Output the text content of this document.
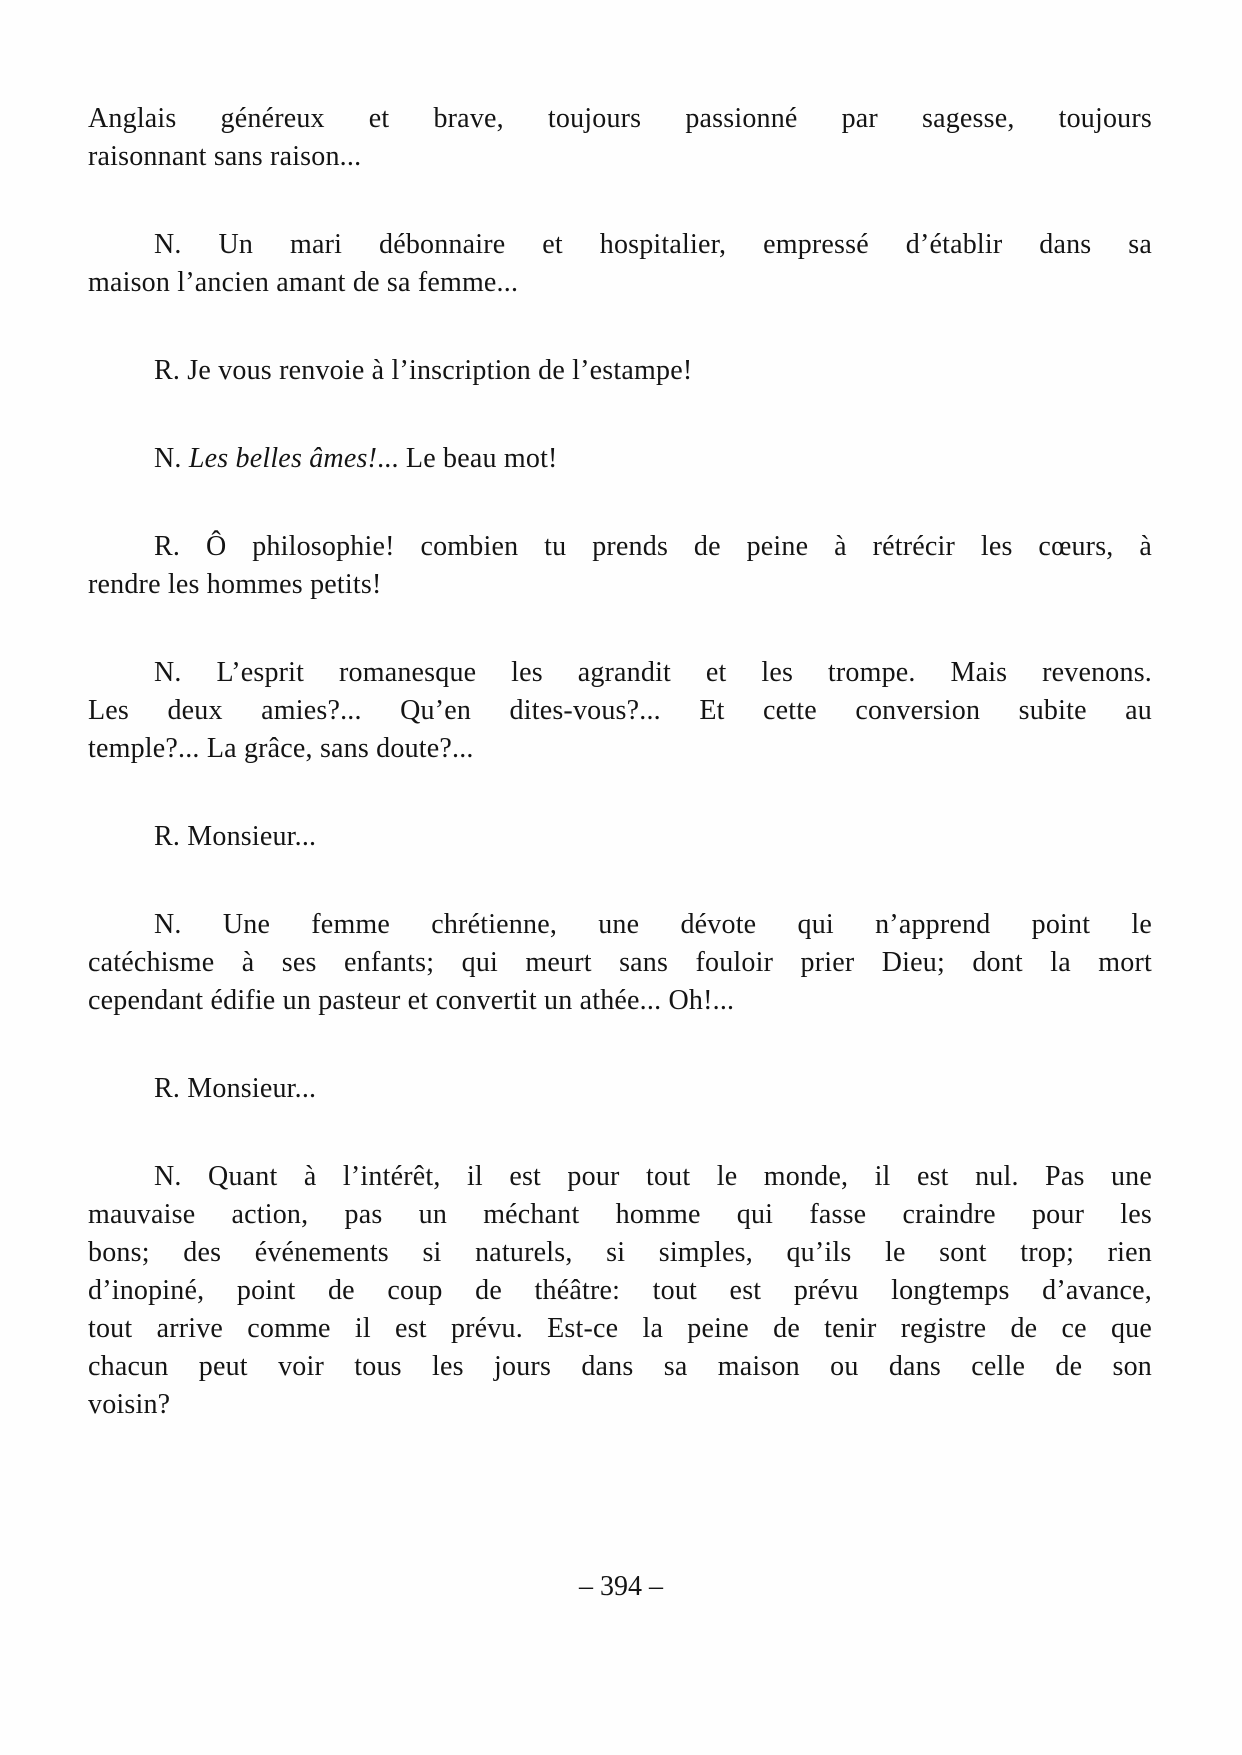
Anglais généreux et brave, toujours passionné par sagesse, toujours
raisonnant sans raison...

N. Un mari débonnaire et hospitalier, empressé d’établir dans sa
maison l’ancien amant de sa femme...

R. Je vous renvoie à l’inscription de l’estampe!

N. Les belles âmes!... Le beau mot!

R. Ô philosophie! combien tu prends de peine à rétrécir les cœurs, à
rendre les hommes petits!

N. L’esprit romanesque les agrandit et les trompe. Mais revenons.
Les deux amies?... Qu’en dites-vous?... Et cette conversion subite au
temple?... La grâce, sans doute?...

R. Monsieur...

N. Une femme chrétienne, une dévote qui n’apprend point le
catéchisme à ses enfants; qui meurt sans fouloir prier Dieu; dont la mort
cependant édifie un pasteur et convertit un athée... Oh!...

R. Monsieur...

N. Quant à l’intérêt, il est pour tout le monde, il est nul. Pas une
mauvaise action, pas un méchant homme qui fasse craindre pour les
bons; des événements si naturels, si simples, qu’ils le sont trop; rien
d’inopiné, point de coup de théâtre: tout est prévu longtemps d’avance,
tout arrive comme il est prévu. Est-ce la peine de tenir registre de ce que
chacun peut voir tous les jours dans sa maison ou dans celle de son
voisin?

– 394 –
